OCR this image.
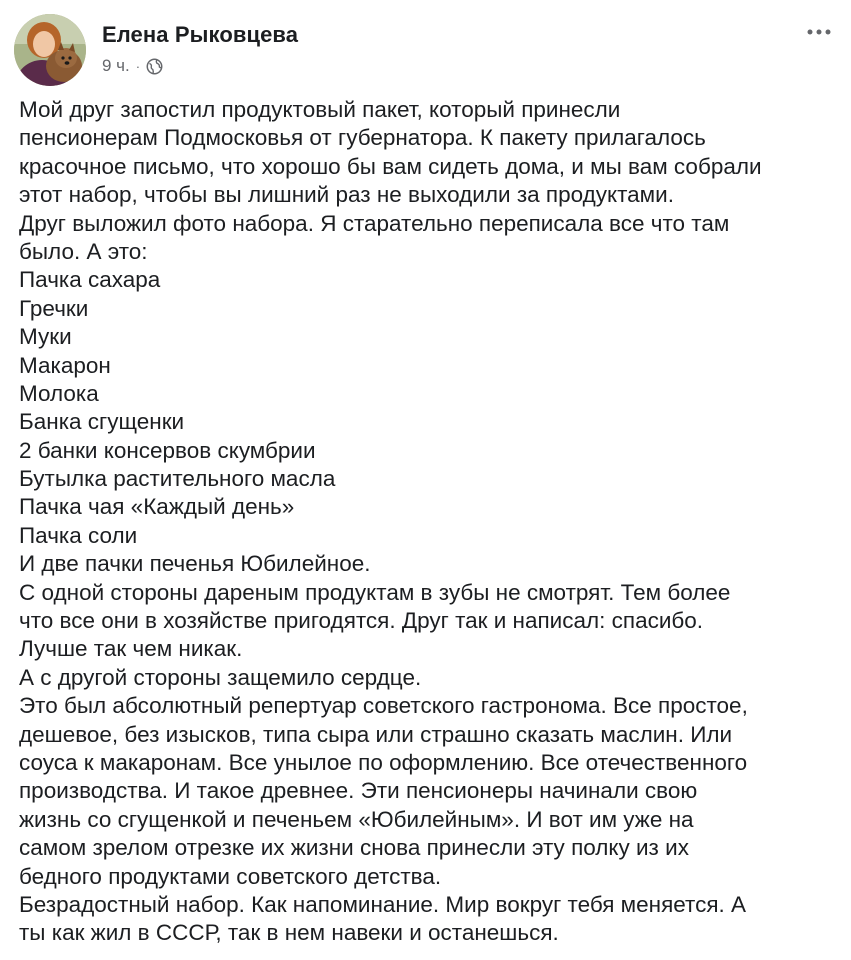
Елена Рыковцева
9 ч. ·
Мой друг запостил продуктовый пакет, который принесли
пенсионерам Подмосковья от губернатора. К пакету прилагалось
красочное письмо, что хорошо бы вам сидеть дома, и мы вам собрали
этот набор, чтобы вы лишний раз не выходили за продуктами.
Друг выложил фото набора. Я старательно переписала все что там
было. А это:
Пачка сахара
Гречки
Муки
Макарон
Молока
Банка сгущенки
2 банки консервов скумбрии
Бутылка растительного масла
Пачка чая «Каждый день»
Пачка соли
И две пачки печенья Юбилейное.
С одной стороны дареным продуктам в зубы не смотрят. Тем более
что все они в хозяйстве пригодятся. Друг так и написал: спасибо.
Лучше так чем никак.
А с другой стороны защемило сердце.
Это был абсолютный репертуар советского гастронома. Все простое,
дешевое, без изысков, типа сыра или страшно сказать маслин. Или
соуса к макаронам. Все унылое по оформлению. Все отечественного
производства. И такое древнее. Эти пенсионеры начинали свою
жизнь со сгущенкой и печеньем «Юбилейным». И вот им уже на
самом зрелом отрезке их жизни снова принесли эту полку из их
бедного продуктами советского детства.
Безрадостный набор. Как напоминание. Мир вокруг тебя меняется. А
ты как жил в СССР, так в нем навеки и останешься.
